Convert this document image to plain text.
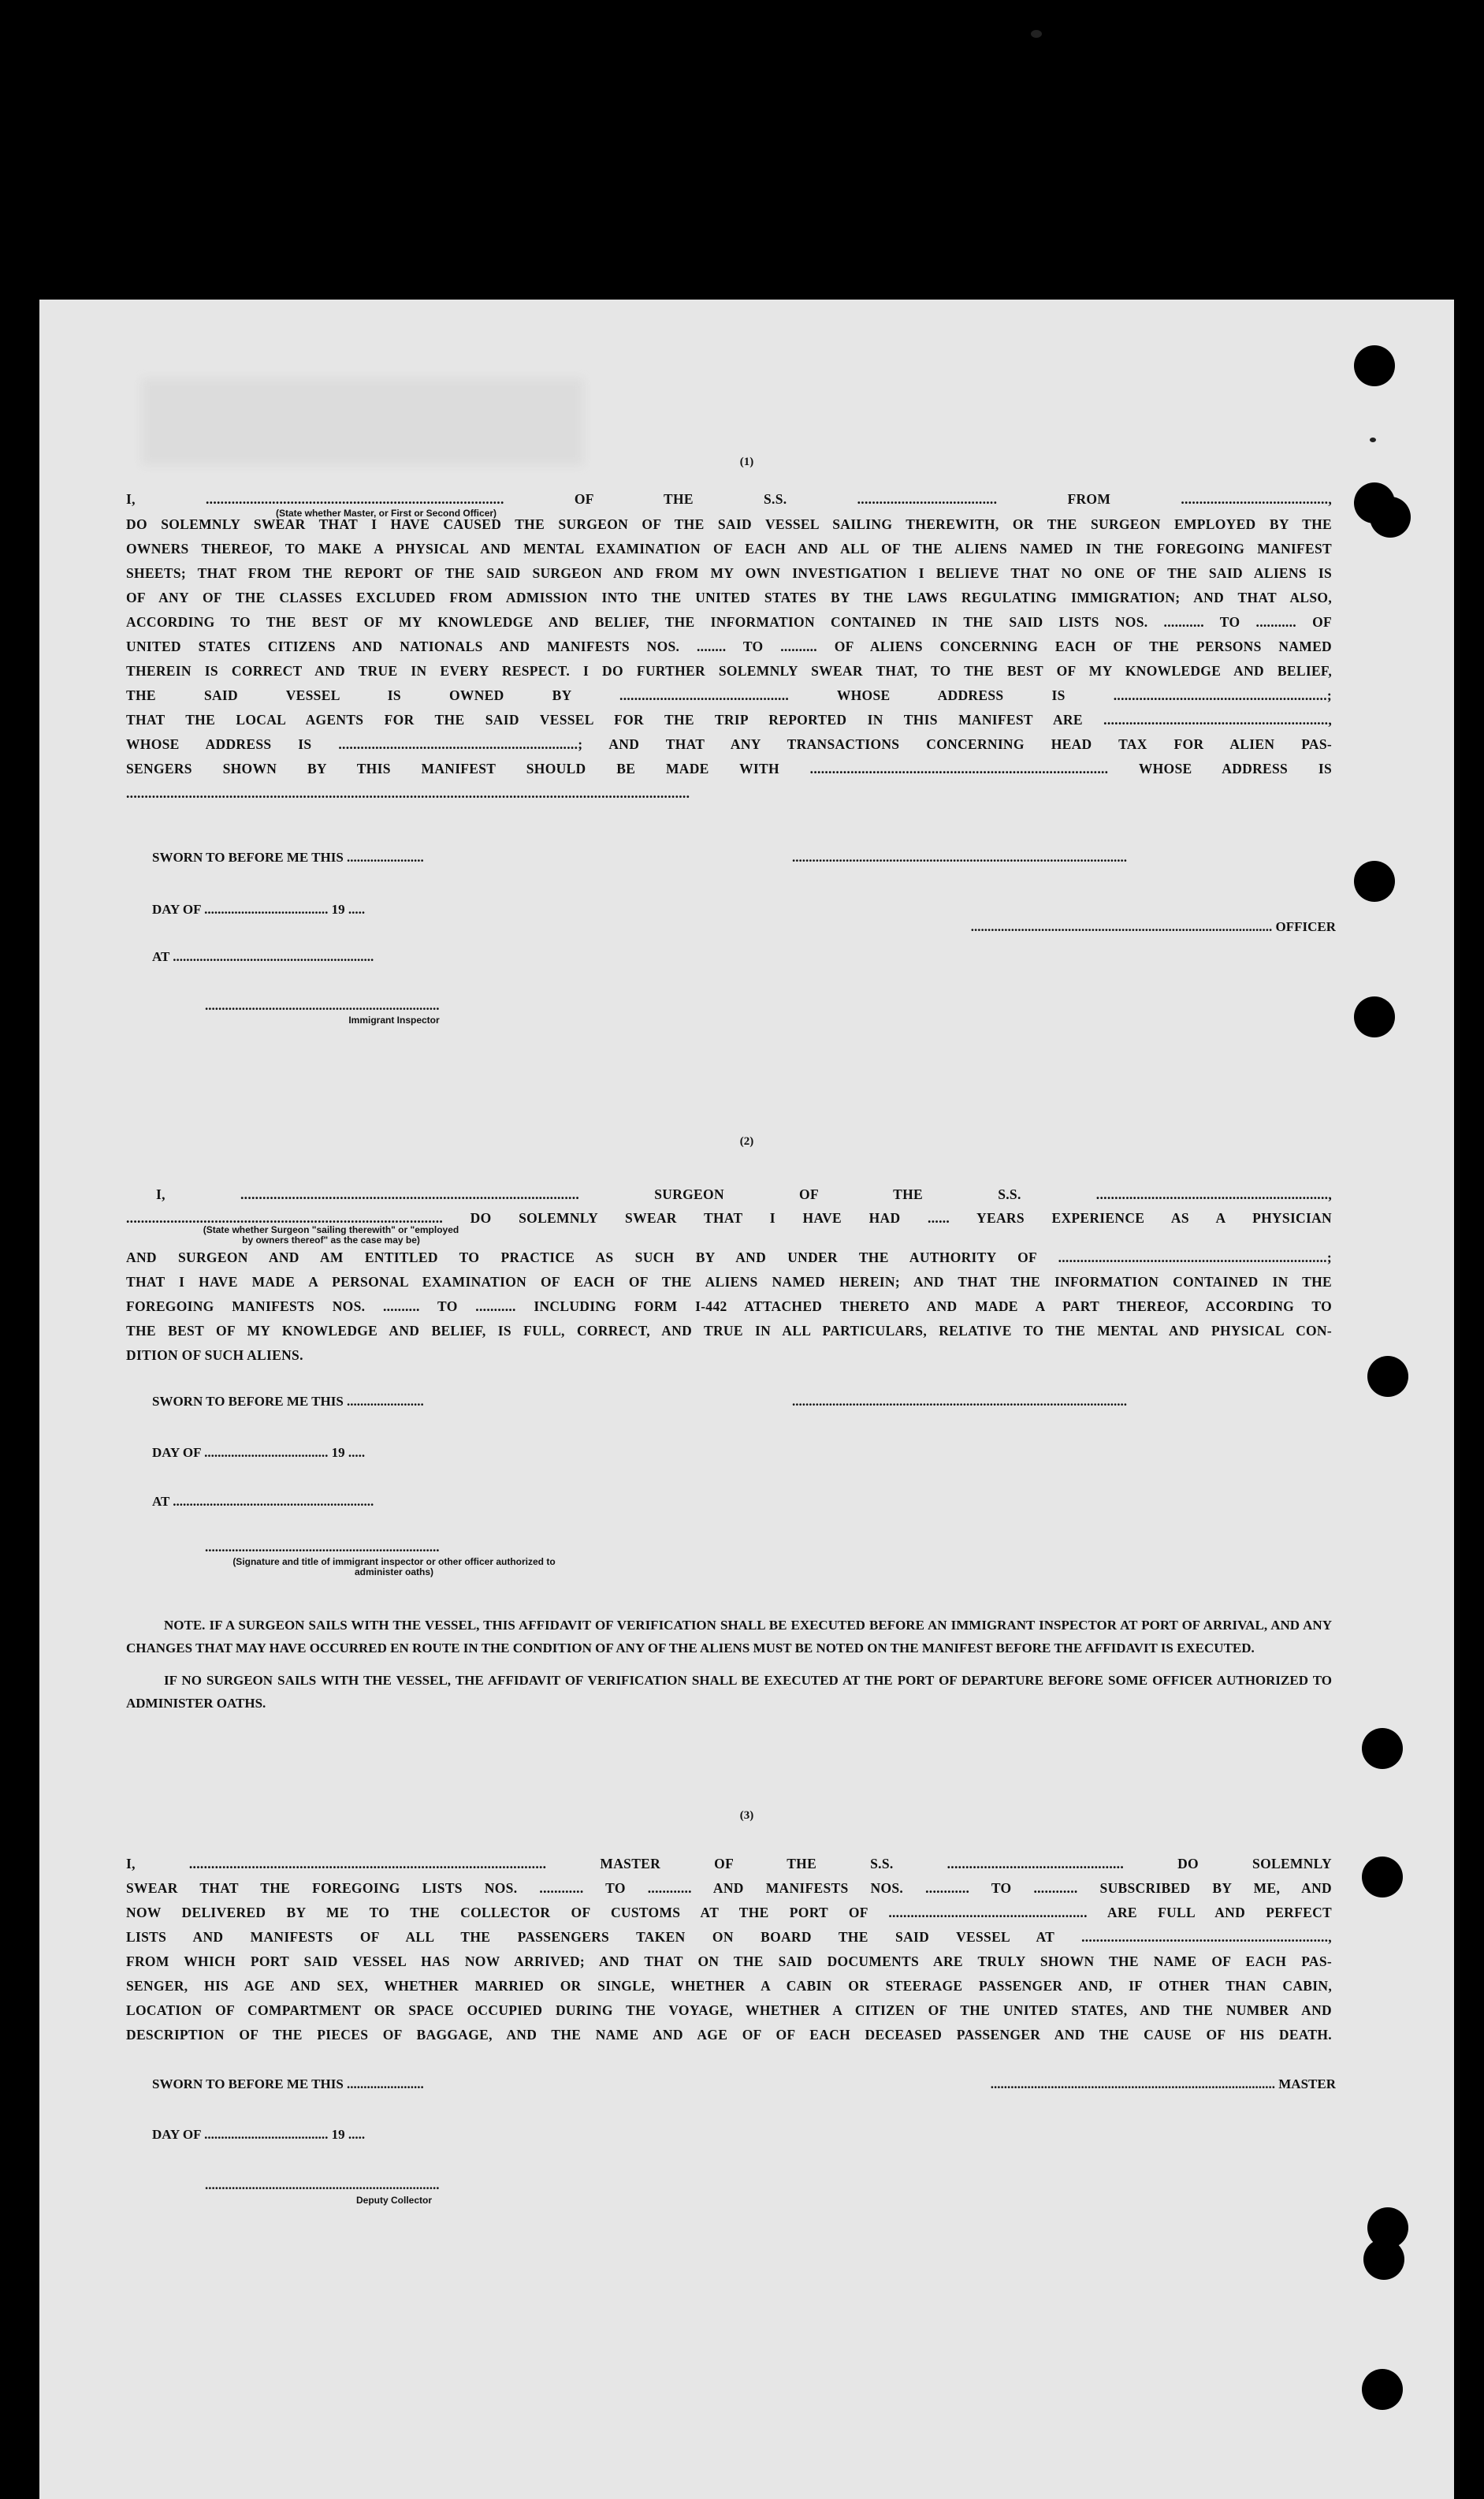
(1)
I, ................................................................................. OF THE S.S. ...................................... FROM ........................................,
(State whether Master, or First or Second Officer)
DO SOLEMNLY SWEAR THAT I HAVE CAUSED THE SURGEON OF THE SAID VESSEL SAILING THEREWITH, OR THE SURGEON EMPLOYED BY THE
OWNERS THEREOF, TO MAKE A PHYSICAL AND MENTAL EXAMINATION OF EACH AND ALL OF THE ALIENS NAMED IN THE FOREGOING MANIFEST
SHEETS; THAT FROM THE REPORT OF THE SAID SURGEON AND FROM MY OWN INVESTIGATION I BELIEVE THAT NO ONE OF THE SAID ALIENS IS
OF ANY OF THE CLASSES EXCLUDED FROM ADMISSION INTO THE UNITED STATES BY THE LAWS REGULATING IMMIGRATION; AND THAT ALSO,
ACCORDING TO THE BEST OF MY KNOWLEDGE AND BELIEF, THE INFORMATION CONTAINED IN THE SAID LISTS NOS. ........... TO ........... OF
UNITED STATES CITIZENS AND NATIONALS AND MANIFESTS NOS. ........ TO .......... OF ALIENS CONCERNING EACH OF THE PERSONS NAMED
THEREIN IS CORRECT AND TRUE IN EVERY RESPECT. I DO FURTHER SOLEMNLY SWEAR THAT, TO THE BEST OF MY KNOWLEDGE AND BELIEF,
THE SAID VESSEL IS OWNED BY .............................................. WHOSE ADDRESS IS ..........................................................;
THAT THE LOCAL AGENTS FOR THE SAID VESSEL FOR THE TRIP REPORTED IN THIS MANIFEST ARE .............................................................,
WHOSE ADDRESS IS .................................................................; AND THAT ANY TRANSACTIONS CONCERNING HEAD TAX FOR ALIEN PAS-
SENGERS SHOWN BY THIS MANIFEST SHOULD BE MADE WITH ................................................................................. WHOSE ADDRESS IS
.........................................................................................................................................................
SWORN TO BEFORE ME THIS .......................	....................................................................................................
DAY OF ..................................... 19 .....
.......................................................................................... OFFICER
AT ............................................................
......................................................................
Immigrant Inspector
(2)
I, ............................................................................................ SURGEON OF THE S.S. ...............................................................,
...................................................................................... DO SOLEMNLY SWEAR THAT I HAVE HAD ...... YEARS EXPERIENCE AS A PHYSICIAN
(State whether Surgeon "sailing therewith" or "employed by owners thereof" as the case may be)
AND SURGEON AND AM ENTITLED TO PRACTICE AS SUCH BY AND UNDER THE AUTHORITY OF .........................................................................;
THAT I HAVE MADE A PERSONAL EXAMINATION OF EACH OF THE ALIENS NAMED HEREIN; AND THAT THE INFORMATION CONTAINED IN THE
FOREGOING MANIFESTS NOS. .......... TO ........... INCLUDING FORM I-442 ATTACHED THERETO AND MADE A PART THEREOF, ACCORDING TO
THE BEST OF MY KNOWLEDGE AND BELIEF, IS FULL, CORRECT, AND TRUE IN ALL PARTICULARS, RELATIVE TO THE MENTAL AND PHYSICAL CON-
DITION OF SUCH ALIENS.
SWORN TO BEFORE ME THIS .......................	....................................................................................................
DAY OF ..................................... 19 .....
AT ............................................................
......................................................................
(Signature and title of immigrant inspector or other officer authorized to administer oaths)

NOTE. IF A SURGEON SAILS WITH THE VESSEL, THIS AFFIDAVIT OF VERIFICATION SHALL BE EXECUTED BEFORE AN IMMIGRANT INSPECTOR AT PORT OF ARRIVAL, AND ANY CHANGES THAT MAY HAVE OCCURRED EN ROUTE IN THE CONDITION OF ANY OF THE ALIENS MUST BE NOTED ON THE MANIFEST BEFORE THE AFFIDAVIT IS EXECUTED.

IF NO SURGEON SAILS WITH THE VESSEL, THE AFFIDAVIT OF VERIFICATION SHALL BE EXECUTED AT THE PORT OF DEPARTURE BEFORE SOME OFFICER AUTHORIZED TO ADMINISTER OATHS.

(3)
I, ................................................................................................. MASTER OF THE S.S. ................................................ DO SOLEMNLY
SWEAR THAT THE FOREGOING LISTS NOS. ............ TO ............ AND MANIFESTS NOS. ............ TO ............ SUBSCRIBED BY ME, AND
NOW DELIVERED BY ME TO THE COLLECTOR OF CUSTOMS AT THE PORT OF ...................................................... ARE FULL AND PERFECT
LISTS AND MANIFESTS OF ALL THE PASSENGERS TAKEN ON BOARD THE SAID VESSEL AT ...................................................................,
FROM WHICH PORT SAID VESSEL HAS NOW ARRIVED; AND THAT ON THE SAID DOCUMENTS ARE TRULY SHOWN THE NAME OF EACH PAS-
SENGER, HIS AGE AND SEX, WHETHER MARRIED OR SINGLE, WHETHER A CABIN OR STEERAGE PASSENGER AND, IF OTHER THAN CABIN,
LOCATION OF COMPARTMENT OR SPACE OCCUPIED DURING THE VOYAGE, WHETHER A CITIZEN OF THE UNITED STATES, AND THE NUMBER AND
DESCRIPTION OF THE PIECES OF BAGGAGE, AND THE NAME AND AGE OF OF EACH DECEASED PASSENGER AND THE CAUSE OF HIS DEATH.
SWORN TO BEFORE ME THIS .......................	..................................................................................... MASTER
DAY OF ..................................... 19 .....
......................................................................
Deputy Collector
